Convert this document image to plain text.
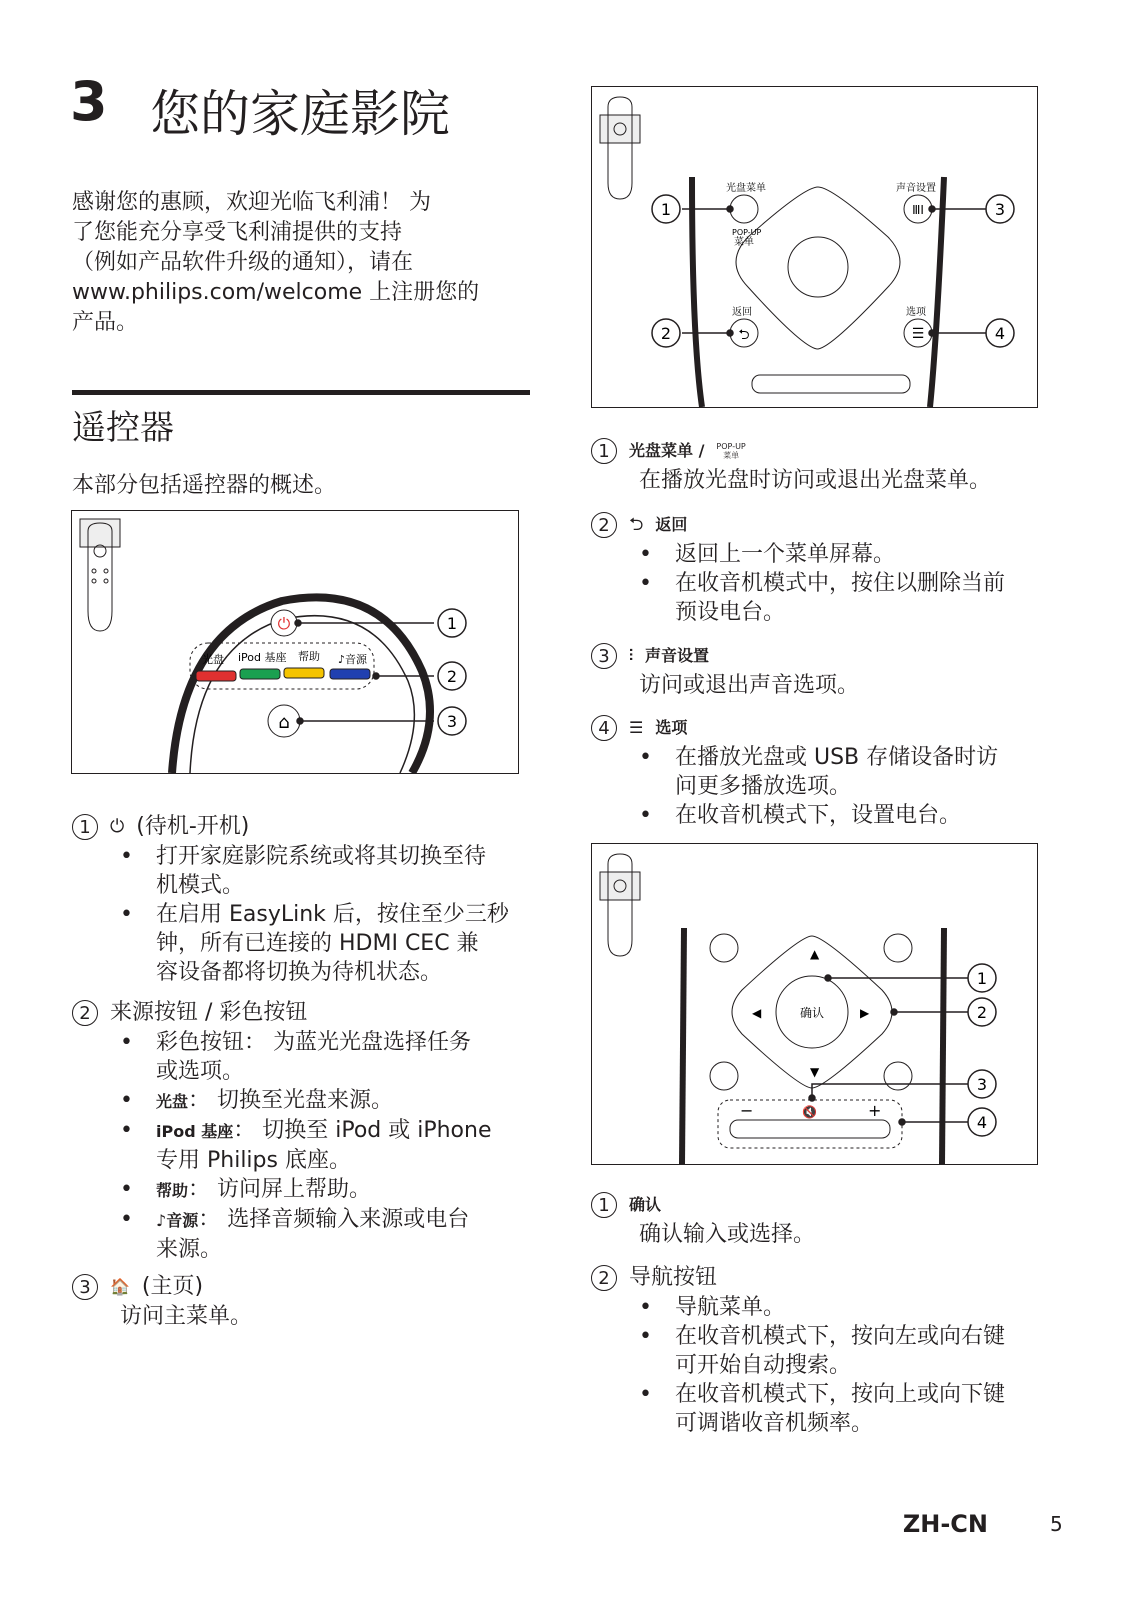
3 您的家庭影院
感谢您的惠顾，欢迎光临飞利浦！ 为
了您能充分享受飞利浦提供的支持
（例如产品软件升级的通知），请在
www.philips.com/welcome 上注册您的
产品。
遥控器
本部分包括遥控器的概述。
⏻
光盘 iPod 基座 帮助 ♪音源
⌂
1
2
3
1	⏻ (待机-开机)
• 打开家庭影院系统或将其切换至待
机模式。
• 在启用 EasyLink 后，按住至少三秒
钟，所有已连接的 HDMI CEC 兼
容设备都将切换为待机状态。
2 来源按钮 / 彩色按钮
• 彩色按钮： 为蓝光光盘选择任务
或选项。
• 光盘： 切换至光盘来源。
• iPod 基座： 切换至 iPod 或 iPhone
专用 Philips 底座。
• 帮助： 访问屏上帮助。
• ♪音源： 选择音频输入来源或电台
来源。
3	🏠 (主页)
访问主菜单。
光盘菜单
POP-UP
菜单
声音设置
ⅢI
返回
⮌
选项
☰
1
2
3
4
1	光盘菜单 / POP-UP
菜单
在播放光盘时访问或退出光盘菜单。
2	⮌ 返回
• 返回上一个菜单屏幕。
• 在收音机模式中，按住以删除当前
预设电台。
3	⫶ 声音设置
访问或退出声音选项。
4	☰ 选项
• 在播放光盘或 USB 存储设备时访
问更多播放选项。
• 在收音机模式下，设置电台。
确认
▲
▼
◀	▶
−	+
🔇
1
2
3
4
1	确认
确认输入或选择。
2 导航按钮
• 导航菜单。
• 在收音机模式下，按向左或向右键
可开始自动搜索。
• 在收音机模式下，按向上或向下键
可调谐收音机频率。
ZH-CN	5
